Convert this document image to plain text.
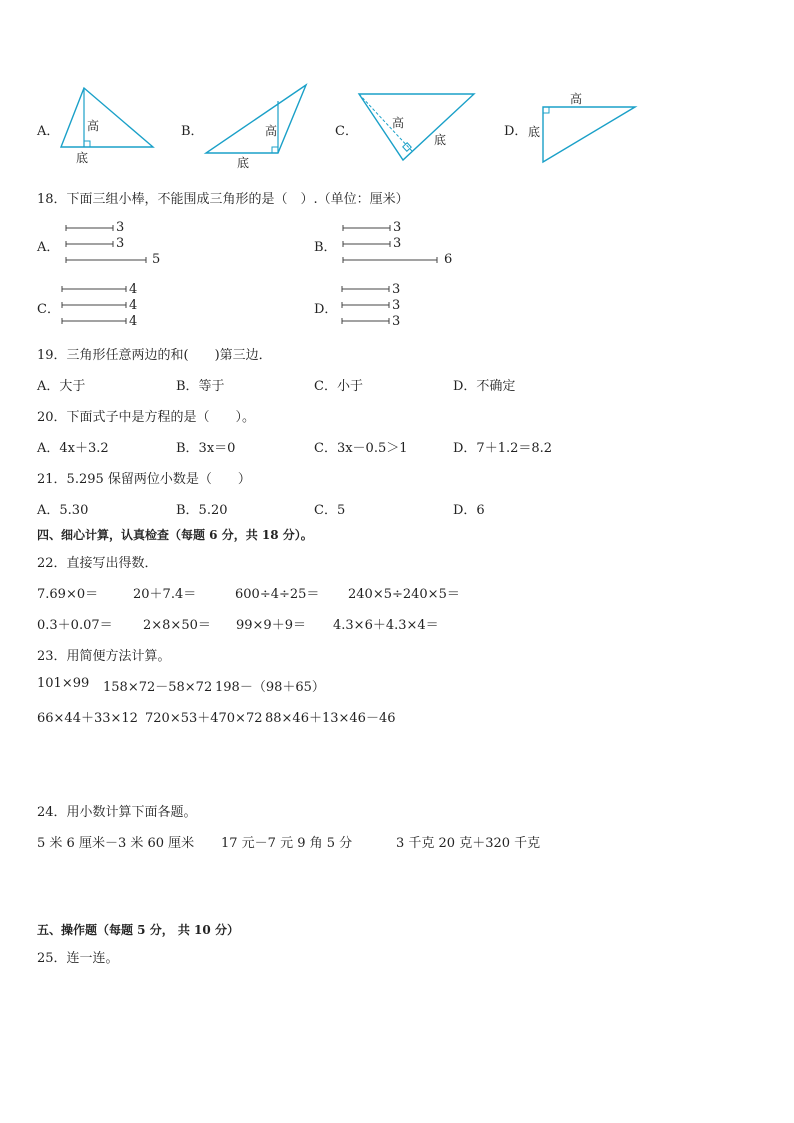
A． 高
底
B．	高
底
C．
高
底
D．
高
底
18．下面三组小棒，不能围成三角形的是（　）.（单位：厘米）
A．
3
3
5
B．
3
3
6
C．
4
4
4
D．
3
3
3
19．三角形任意两边的和(　　)第三边．
A．大于	B．等于	C．小于	D．不确定
20．下面式子中是方程的是（　　）。
A．4x＋3.2	B．3x＝0	C．3x－0.5＞1	D．7＋1.2＝8.2
21．5.295 保留两位小数是（　　）
A．5.30	B．5.20	C．5	D．6
四、细心计算，认真检查（每题 6 分，共 18 分）。
22．直接写出得数．
7.69×0＝	20＋7.4＝	600÷4÷25＝ 240×5÷240×5＝
0.3＋0.07＝ 2×8×50＝ 99×9＋9＝ 4.3×6＋4.3×4＝
23．用简便方法计算。
101×99 158×72－58×72 198－（98＋65）
66×44＋33×12 720×53＋470×72 88×46＋13×46－46
24．用小数计算下面各题。
5 米 6 厘米－3 米 60 厘米 17 元－7 元 9 角 5 分	3 千克 20 克＋320 千克
五、操作题（每题 5 分， 共 10 分）
25．连一连。
